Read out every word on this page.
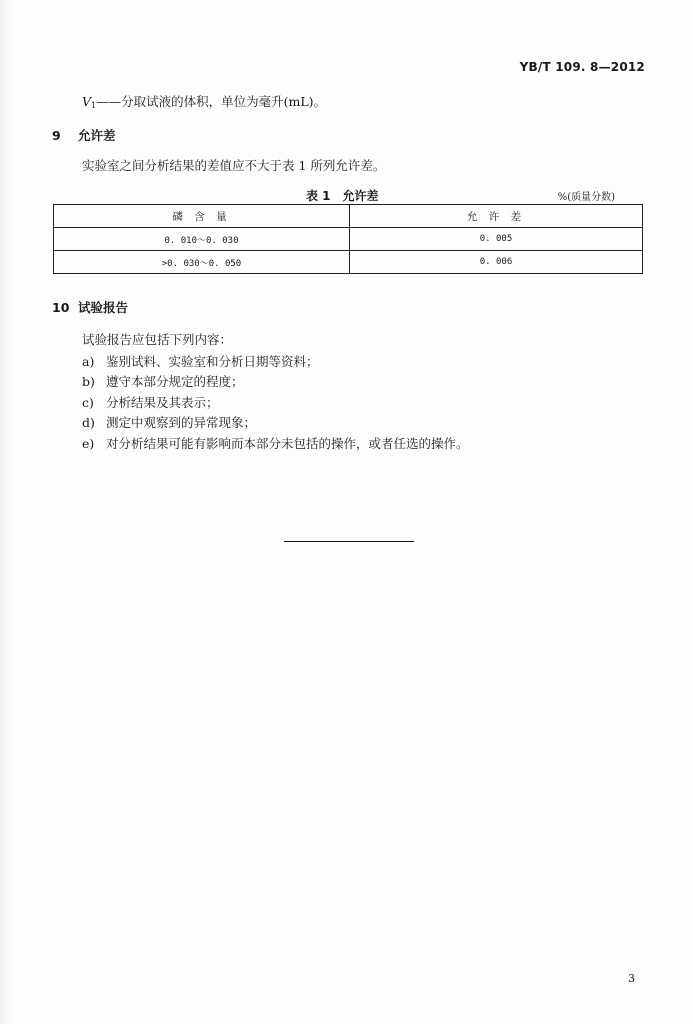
YB/T 109. 8—2012
V1——分取试液的体积，单位为毫升(mL)。
9 允许差
实验室之间分析结果的差值应不大于表 1 所列允许差。
表 1 允许差	%(质量分数)
磷 含 量	允 许 差
0. 010～0. 030	0. 005
>0. 030～0. 050	0. 006
10 试验报告
试验报告应包括下列内容：
a) 鉴别试料、实验室和分析日期等资料；
b) 遵守本部分规定的程度；
c) 分析结果及其表示；
d) 测定中观察到的异常现象；
e) 对分析结果可能有影响而本部分未包括的操作，或者任选的操作。
3
